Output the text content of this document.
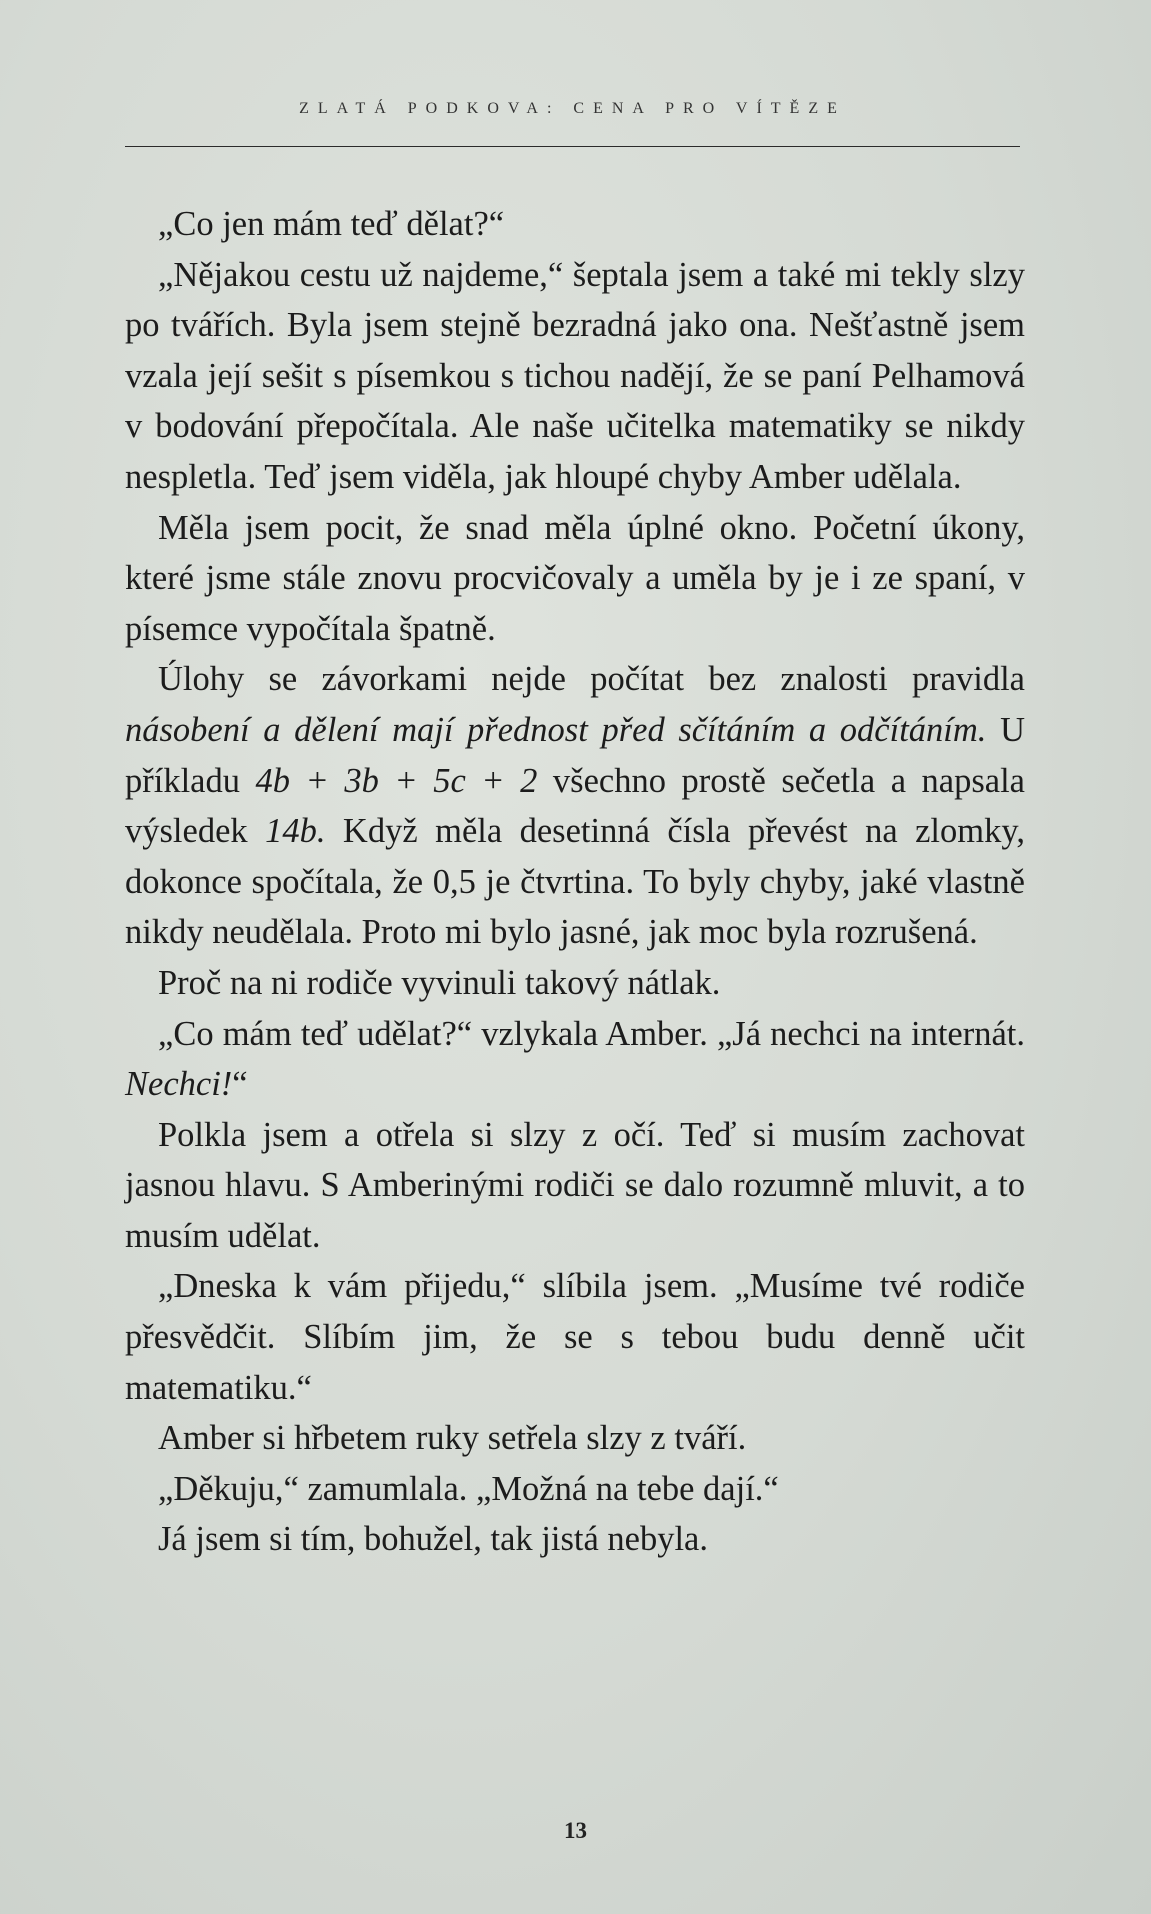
ZLATÁ PODKOVA: CENA PRO VÍTĚZE

„Co jen mám teď dělat?“

„Nějakou cestu už najdeme,“ šeptala jsem a také mi tekly slzy po tvářích. Byla jsem stejně bezradná jako ona. Nešťastně jsem vzala její sešit s písemkou s tichou nadějí, že se paní Pelhamová v bodování přepočítala. Ale naše učitelka matematiky se nikdy nespletla. Teď jsem viděla, jak hloupé chyby Amber udělala.

Měla jsem pocit, že snad měla úplné okno. Početní úkony, které jsme stále znovu procvičovaly a uměla by je i ze spaní, v písemce vypočítala špatně.

Úlohy se závorkami nejde počítat bez znalosti pravidla násobení a dělení mají přednost před sčítáním a odčítáním. U příkladu 4b + 3b + 5c + 2 všechno prostě sečetla a napsala výsledek 14b. Když měla desetinná čísla převést na zlomky, dokonce spočítala, že 0,5 je čtvrtina. To byly chyby, jaké vlastně nikdy neudělala. Proto mi bylo jasné, jak moc byla rozrušená.

Proč na ni rodiče vyvinuli takový nátlak.

„Co mám teď udělat?“ vzlykala Amber. „Já nechci na internát. Nechci!“

Polkla jsem a otřela si slzy z očí. Teď si musím zachovat jasnou hlavu. S Amberinými rodiči se dalo rozumně mluvit, a to musím udělat.

„Dneska k vám přijedu,“ slíbila jsem. „Musíme tvé rodiče přesvědčit. Slíbím jim, že se s tebou budu denně učit matematiku.“

Amber si hřbetem ruky setřela slzy z tváří.

„Děkuju,“ zamumlala. „Možná na tebe dají.“

Já jsem si tím, bohužel, tak jistá nebyla.

13
